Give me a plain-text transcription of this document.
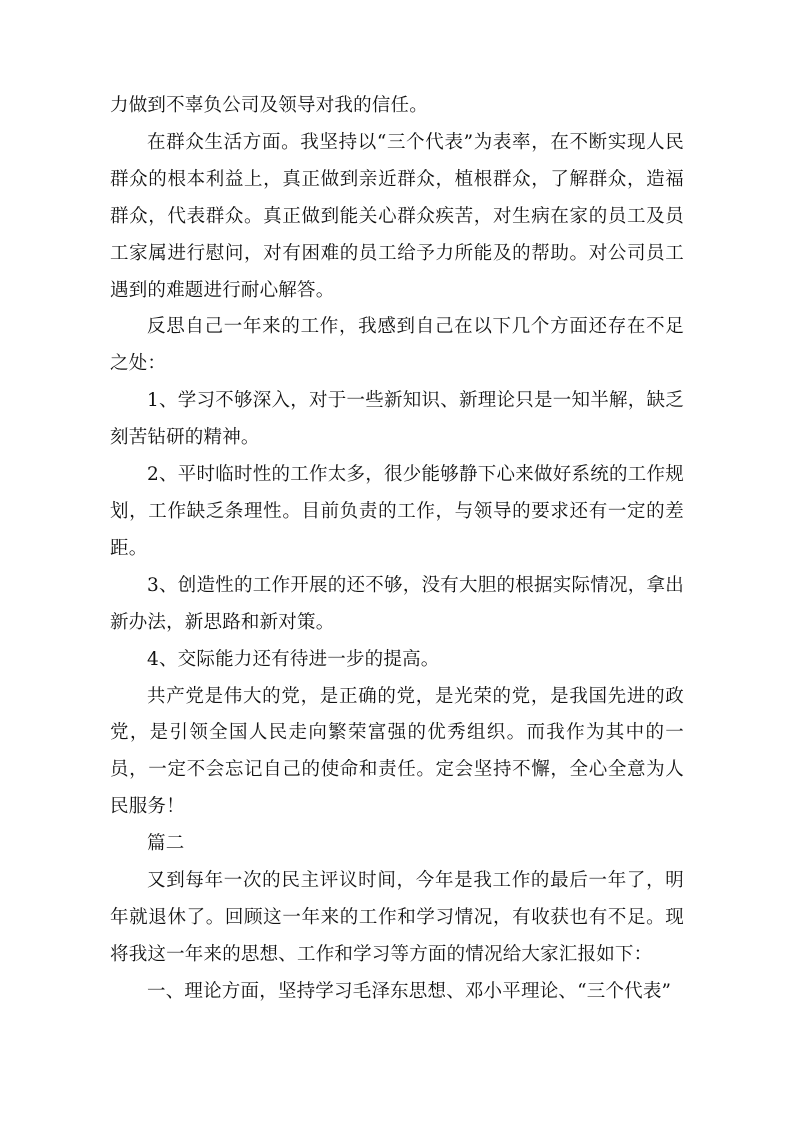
力做到不辜负公司及领导对我的信任。

在群众生活方面。我坚持以“三个代表”为表率，在不断实现人民群众的根本利益上，真正做到亲近群众，植根群众，了解群众，造福群众，代表群众。真正做到能关心群众疾苦，对生病在家的员工及员工家属进行慰问，对有困难的员工给予力所能及的帮助。对公司员工遇到的难题进行耐心解答。

反思自己一年来的工作，我感到自己在以下几个方面还存在不足之处：

1、学习不够深入，对于一些新知识、新理论只是一知半解，缺乏刻苦钻研的精神。

2、平时临时性的工作太多，很少能够静下心来做好系统的工作规划，工作缺乏条理性。目前负责的工作，与领导的要求还有一定的差距。

3、创造性的工作开展的还不够，没有大胆的根据实际情况，拿出新办法，新思路和新对策。

4、交际能力还有待进一步的提高。

共产党是伟大的党，是正确的党，是光荣的党，是我国先进的政党，是引领全国人民走向繁荣富强的优秀组织。而我作为其中的一员，一定不会忘记自己的使命和责任。定会坚持不懈，全心全意为人民服务！

篇二

又到每年一次的民主评议时间，今年是我工作的最后一年了，明年就退休了。回顾这一年来的工作和学习情况，有收获也有不足。现将我这一年来的思想、工作和学习等方面的情况给大家汇报如下：

一、理论方面，坚持学习毛泽东思想、邓小平理论、“三个代表”
